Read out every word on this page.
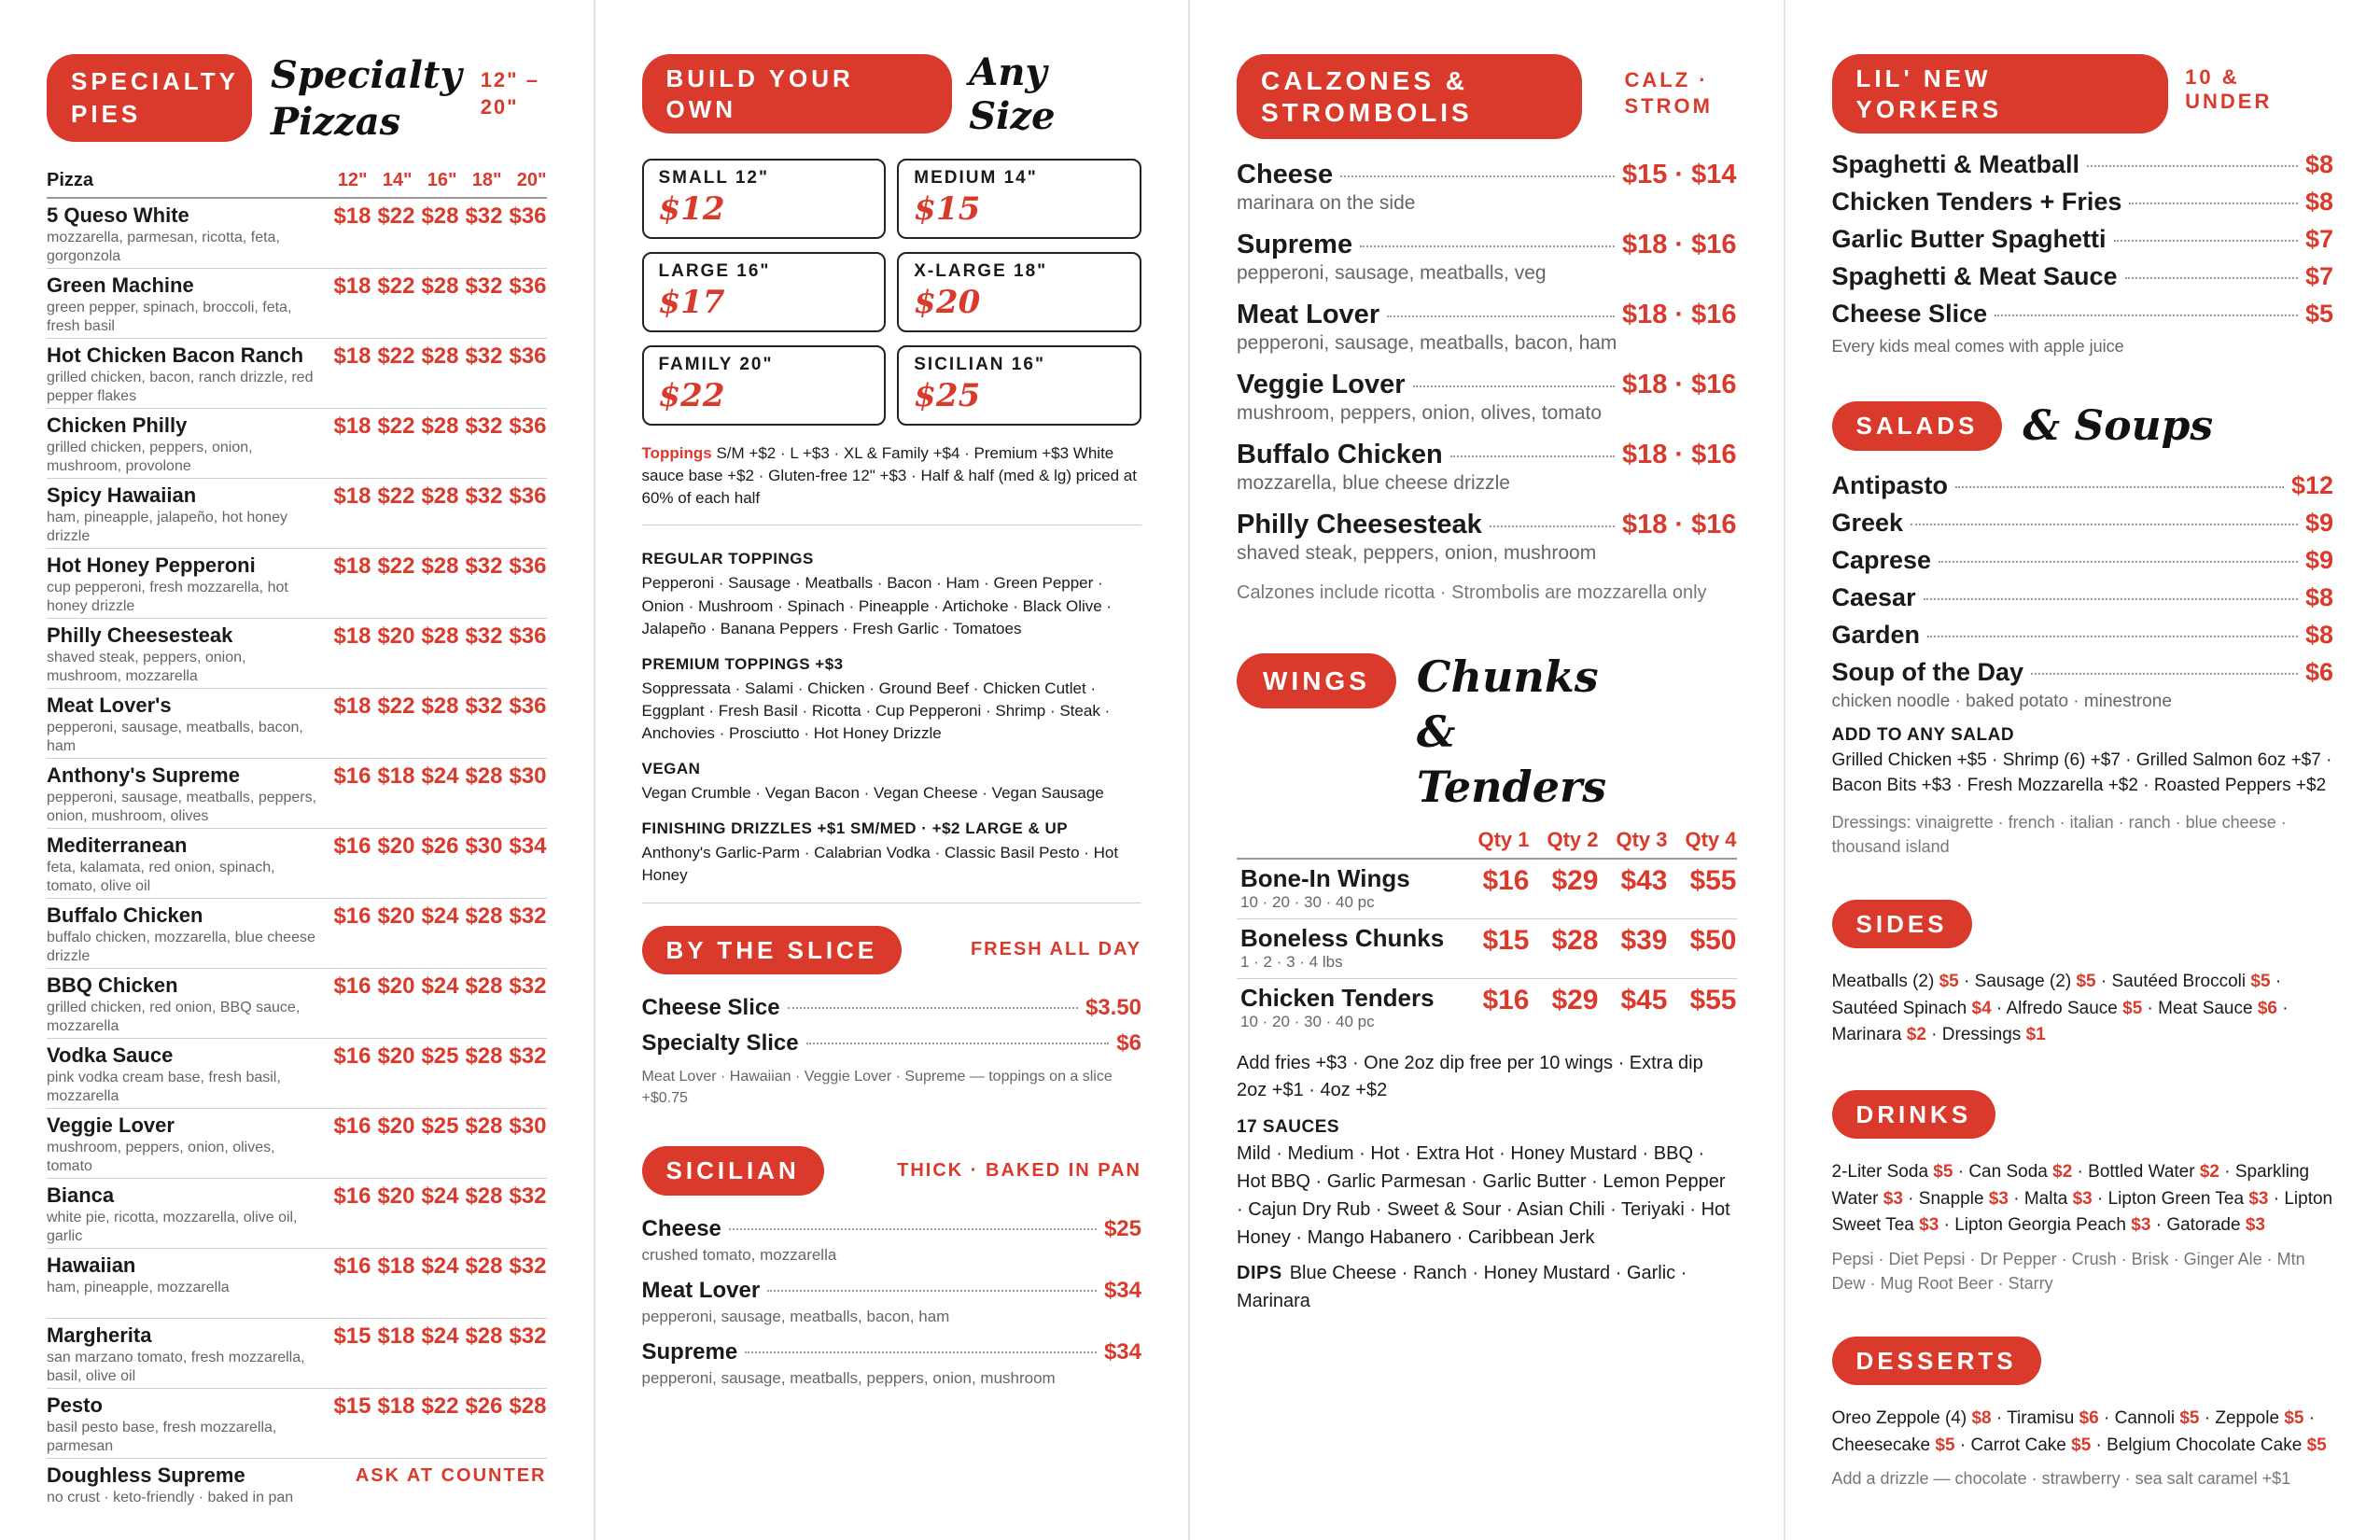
SPECIALTY PIES
Specialty Pizzas
12" – 20"
Pizza	12" 14" 16" 18" 20"
5 Queso White
mozzarella, parmesan, ricotta, feta, gorgonzola
$18 $22 $28 $32 $36
Green Machine
green pepper, spinach, broccoli, feta, fresh basil
$18 $22 $28 $32 $36
Hot Chicken Bacon Ranch
grilled chicken, bacon, ranch drizzle, red pepper flakes
$18 $22 $28 $32 $36
Chicken Philly
grilled chicken, peppers, onion, mushroom, provolone
$18 $22 $28 $32 $36
Spicy Hawaiian
ham, pineapple, jalapeño, hot honey drizzle
$18 $22 $28 $32 $36
Hot Honey Pepperoni
cup pepperoni, fresh mozzarella, hot honey drizzle
$18 $22 $28 $32 $36
Philly Cheesesteak
shaved steak, peppers, onion, mushroom, mozzarella
$18 $20 $28 $32 $36
Meat Lover's
pepperoni, sausage, meatballs, bacon, ham
$18 $22 $28 $32 $36
Anthony's Supreme
pepperoni, sausage, meatballs, peppers, onion, mushroom, olives
$16 $18 $24 $28 $30
Mediterranean
feta, kalamata, red onion, spinach, tomato, olive oil
$16 $20 $26 $30 $34
Buffalo Chicken
buffalo chicken, mozzarella, blue cheese drizzle
$16 $20 $24 $28 $32
BBQ Chicken
grilled chicken, red onion, BBQ sauce, mozzarella
$16 $20 $24 $28 $32
Vodka Sauce
pink vodka cream base, fresh basil, mozzarella
$16 $20 $25 $28 $32
Veggie Lover
mushroom, peppers, onion, olives, tomato
$16 $20 $25 $28 $30
Bianca
white pie, ricotta, mozzarella, olive oil, garlic
$16 $20 $24 $28 $32
Hawaiian
ham, pineapple, mozzarella
$16 $18 $24 $28 $32
Margherita
san marzano tomato, fresh mozzarella, basil, olive oil
$15 $18 $24 $28 $32
Pesto
basil pesto base, fresh mozzarella, parmesan
$15 $18 $22 $26 $28
Doughless Supreme
no crust · keto-friendly · baked in pan
ASK AT COUNTER
BUILD YOUR OWN
Any Size
SMALL 12"
$12
MEDIUM 14"
$15
LARGE 16"
$17
X-LARGE 18"
$20
FAMILY 20"
$22
SICILIAN 16"
$25
Toppings S/M +$2 · L +$3 · XL & Family +$4 · Premium +$3 White sauce base +$2 · Gluten-free 12" +$3 · Half & half (med & lg) priced at 60% of each half
REGULAR TOPPINGS
Pepperoni · Sausage · Meatballs · Bacon · Ham · Green Pepper · Onion · Mushroom · Spinach · Pineapple · Artichoke · Black Olive · Jalapeño · Banana Peppers · Fresh Garlic · Tomatoes
PREMIUM TOPPINGS +$3
Soppressata · Salami · Chicken · Ground Beef · Chicken Cutlet · Eggplant · Fresh Basil · Ricotta · Cup Pepperoni · Shrimp · Steak · Anchovies · Prosciutto · Hot Honey Drizzle
VEGAN
Vegan Crumble · Vegan Bacon · Vegan Cheese · Vegan Sausage
FINISHING DRIZZLES +$1 SM/MED · +$2 LARGE & UP
Anthony's Garlic-Parm · Calabrian Vodka · Classic Basil Pesto · Hot Honey
BY THE SLICE	FRESH ALL DAY
Cheese Slice	$3.50
Specialty Slice	$6
Meat Lover · Hawaiian · Veggie Lover · Supreme — toppings on a slice +$0.75
SICILIAN	THICK · BAKED IN PAN
Cheese	$25
crushed tomato, mozzarella
Meat Lover	$34
pepperoni, sausage, meatballs, bacon, ham
Supreme	$34
pepperoni, sausage, meatballs, peppers, onion, mushroom
CALZONES & STROMBOLIS
CALZ · STROM
Cheese	$15 · $14
marinara on the side
Supreme	$18 · $16
pepperoni, sausage, meatballs, veg
Meat Lover	$18 · $16
pepperoni, sausage, meatballs, bacon, ham
Veggie Lover	$18 · $16
mushroom, peppers, onion, olives, tomato
Buffalo Chicken	$18 · $16
mozzarella, blue cheese drizzle
Philly Cheesesteak	$18 · $16
shaved steak, peppers, onion, mushroom
Calzones include ricotta · Strombolis are mozzarella only
WINGS	Chunks & Tenders
Qty 1 Qty 2 Qty 3 Qty 4
Bone-In Wings
10 · 20 · 30 · 40 pc
$16 $29 $43 $55
Boneless Chunks
1 · 2 · 3 · 4 lbs
$15 $28 $39 $50
Chicken Tenders
10 · 20 · 30 · 40 pc
$16 $29 $45 $55
Add fries +$3 · One 2oz dip free per 10 wings · Extra dip 2oz +$1 · 4oz +$2
17 SAUCES
Mild · Medium · Hot · Extra Hot · Honey Mustard · BBQ · Hot BBQ · Garlic Parmesan · Garlic Butter · Lemon Pepper · Cajun Dry Rub · Sweet & Sour · Asian Chili · Teriyaki · Hot Honey · Mango Habanero · Caribbean Jerk
DIPS Blue Cheese · Ranch · Honey Mustard · Garlic · Marinara
LIL' NEW YORKERS
10 & UNDER
Spaghetti & Meatball	$8
Chicken Tenders + Fries	$8
Garlic Butter Spaghetti	$7
Spaghetti & Meat Sauce	$7
Cheese Slice	$5
Every kids meal comes with apple juice
SALADS	& Soups
Antipasto	$12
Greek	$9
Caprese	$9
Caesar	$8
Garden	$8
Soup of the Day	$6
chicken noodle · baked potato · minestrone
ADD TO ANY SALAD
Grilled Chicken +$5 · Shrimp (6) +$7 · Grilled Salmon 6oz +$7 · Bacon Bits +$3 · Fresh Mozzarella +$2 · Roasted Peppers +$2
Dressings: vinaigrette · french · italian · ranch · blue cheese · thousand island
SIDES
Meatballs (2) $5 · Sausage (2) $5 · Sautéed Broccoli $5 · Sautéed Spinach $4 · Alfredo Sauce $5 · Meat Sauce $6 · Marinara $2 · Dressings $1
DRINKS
2-Liter Soda $5 · Can Soda $2 · Bottled Water $2 · Sparkling Water $3 · Snapple $3 · Malta $3 · Lipton Green Tea $3 · Lipton Sweet Tea $3 · Lipton Georgia Peach $3 · Gatorade $3
Pepsi · Diet Pepsi · Dr Pepper · Crush · Brisk · Ginger Ale · Mtn Dew · Mug Root Beer · Starry
DESSERTS
Oreo Zeppole (4) $8 · Tiramisu $6 · Cannoli $5 · Zeppole $5 · Cheesecake $5 · Carrot Cake $5 · Belgium Chocolate Cake $5
Add a drizzle — chocolate · strawberry · sea salt caramel +$1
